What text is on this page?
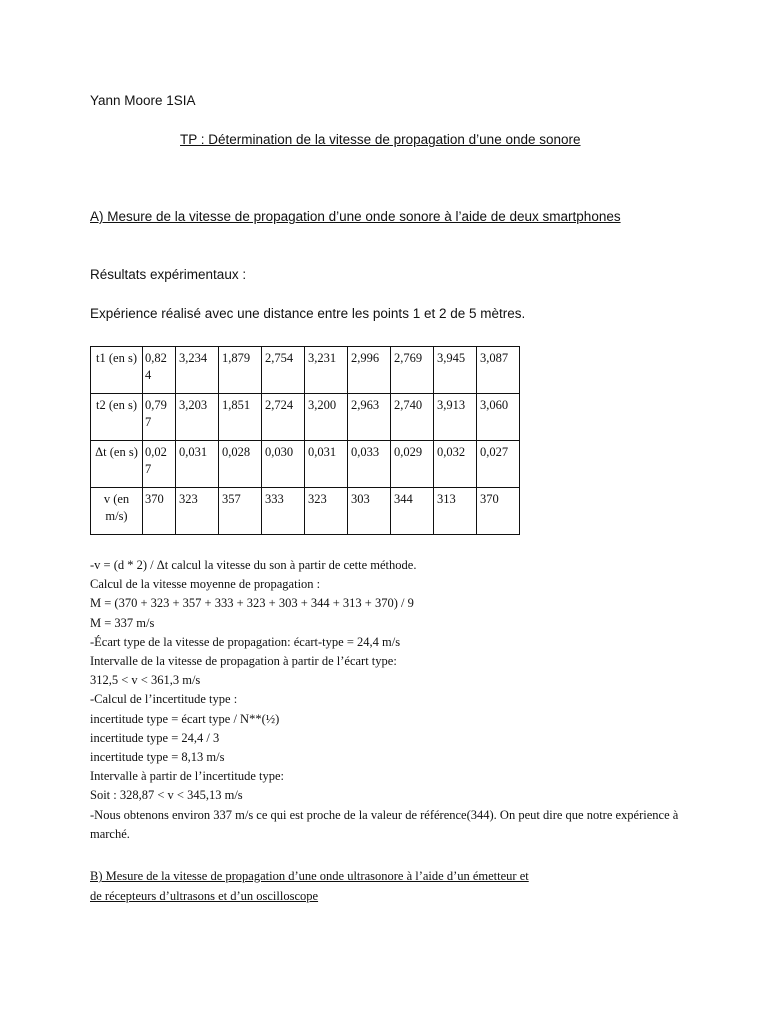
Yann Moore 1SIA
TP : Détermination de la vitesse de propagation d’une onde sonore
A) Mesure de la vitesse de propagation d’une onde sonore à l’aide de deux smartphones
Résultats expérimentaux :
Expérience réalisé avec une distance entre les points 1 et 2 de 5 mètres.
t1 (en s)	0,824	3,234	1,879	2,754	3,231	2,996	2,769	3,945	3,087
t2 (en s)	0,797	3,203	1,851	2,724	3,200	2,963	2,740	3,913	3,060
Δt (en s)	0,027	0,031	0,028	0,030	0,031	0,033	0,029	0,032	0,027
v (en m/s)	370	323	357	333	323	303	344	313	370
-v = (d * 2) / Δt calcul la vitesse du son à partir de cette méthode.
Calcul de la vitesse moyenne de propagation :
M = (370 + 323 + 357 + 333 + 323 + 303 + 344 + 313 + 370) / 9
M = 337 m/s
-Écart type de la vitesse de propagation: écart-type = 24,4 m/s
Intervalle de la vitesse de propagation à partir de l’écart type:
312,5 < v < 361,3 m/s
-Calcul de l’incertitude type :
incertitude type = écart type / N**(½)
incertitude type = 24,4 / 3
incertitude type = 8,13 m/s
Intervalle à partir de l’incertitude type:
Soit : 328,87 < v < 345,13 m/s
-Nous obtenons environ 337 m/s ce qui est proche de la valeur de référence(344). On peut dire que notre expérience à marché.
B) Mesure de la vitesse de propagation d’une onde ultrasonore à l’aide d’un émetteur et
de récepteurs d’ultrasons et d’un oscilloscope
